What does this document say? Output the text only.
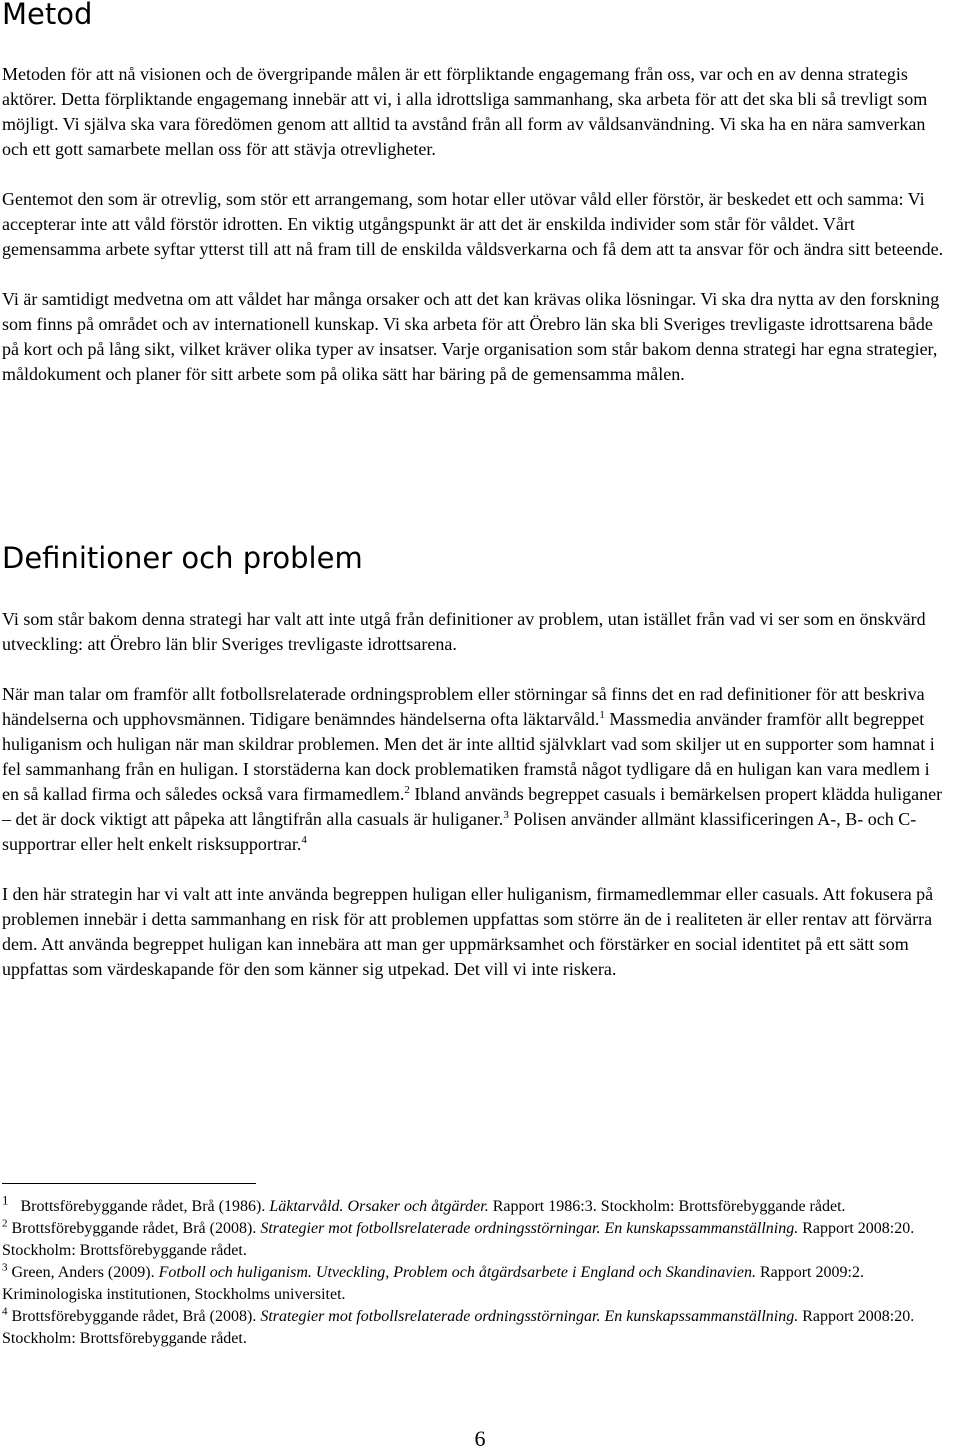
Metod

Metoden för att nå visionen och de övergripande målen är ett förpliktande engagemang från oss, var och en av denna strategis aktörer. Detta förpliktande engagemang innebär att vi, i alla idrottsliga sammanhang, ska arbeta för att det ska bli så trevligt som möjligt. Vi själva ska vara föredömen genom att alltid ta avstånd från all form av våldsanvändning. Vi ska ha en nära samverkan och ett gott samarbete mellan oss för att stävja otrevligheter.

Gentemot den som är otrevlig, som stör ett arrangemang, som hotar eller utövar våld eller förstör, är beskedet ett och samma: Vi accepterar inte att våld förstör idrotten. En viktig utgångspunkt är att det är enskilda individer som står för våldet. Vårt gemensamma arbete syftar ytterst till att nå fram till de enskilda våldsverkarna och få dem att ta ansvar för och ändra sitt beteende.

Vi är samtidigt medvetna om att våldet har många orsaker och att det kan krävas olika lösningar. Vi ska dra nytta av den forskning som finns på området och av internationell kunskap. Vi ska arbeta för att Örebro län ska bli Sveriges trevligaste idrottsarena både på kort och på lång sikt, vilket kräver olika typer av insatser. Varje organisation som står bakom denna strategi har egna strategier, måldokument och planer för sitt arbete som på olika sätt har bäring på de gemensamma målen.

Definitioner och problem

Vi som står bakom denna strategi har valt att inte utgå från definitioner av problem, utan istället från vad vi ser som en önskvärd utveckling: att Örebro län blir Sveriges trevligaste idrottsarena.

När man talar om framför allt fotbollsrelaterade ordningsproblem eller störningar så finns det en rad definitioner för att beskriva händelserna och upphovsmännen. Tidigare benämndes händelserna ofta läktarvåld.$^1$ Massmedia använder framför allt begreppet huliganism och huligan när man skildrar problemen. Men det är inte alltid självklart vad som skiljer ut en supporter som hamnat i fel sammanhang från en huligan. I storstäderna kan dock problematiken framstå något tydligare då en huligan kan vara medlem i en så kallad firma och således också vara firmamedlem.$^2$ Ibland används begreppet casuals i bemärkelsen propert klädda huliganer – det är dock viktigt att påpeka att långtifrån alla casuals är huliganer.$^3$ Polisen använder allmänt klassificeringen A-, B- och C-supportrar eller helt enkelt risksupportrar.$^4$

I den här strategin har vi valt att inte använda begreppen huligan eller huliganism, firmamedlemmar eller casuals. Att fokusera på problemen innebär i detta sammanhang en risk för att problemen uppfattas som större än de i realiteten är eller rentav att förvärra dem. Att använda begreppet huligan kan innebära att man ger uppmärksamhet och förstärker en social identitet på ett sätt som uppfattas som värdeskapande för den som känner sig utpekad. Det vill vi inte riskera.

$^1$ Brottsförebyggande rådet, Brå (1986). Läktarvåld. Orsaker och åtgärder. Rapport 1986:3. Stockholm: Brottsförebyggande rådet.

$^2$ Brottsförebyggande rådet, Brå (2008). Strategier mot fotbollsrelaterade ordningsstörningar. En kunskapssammanställning. Rapport 2008:20. Stockholm: Brottsförebyggande rådet.

$^3$ Green, Anders (2009). Fotboll och huliganism. Utveckling, Problem och åtgärdsarbete i England och Skandinavien. Rapport 2009:2. Kriminologiska institutionen, Stockholms universitet.

$^4$ Brottsförebyggande rådet, Brå (2008). Strategier mot fotbollsrelaterade ordningsstörningar. En kunskapssammanställning. Rapport 2008:20. Stockholm: Brottsförebyggande rådet.

6
